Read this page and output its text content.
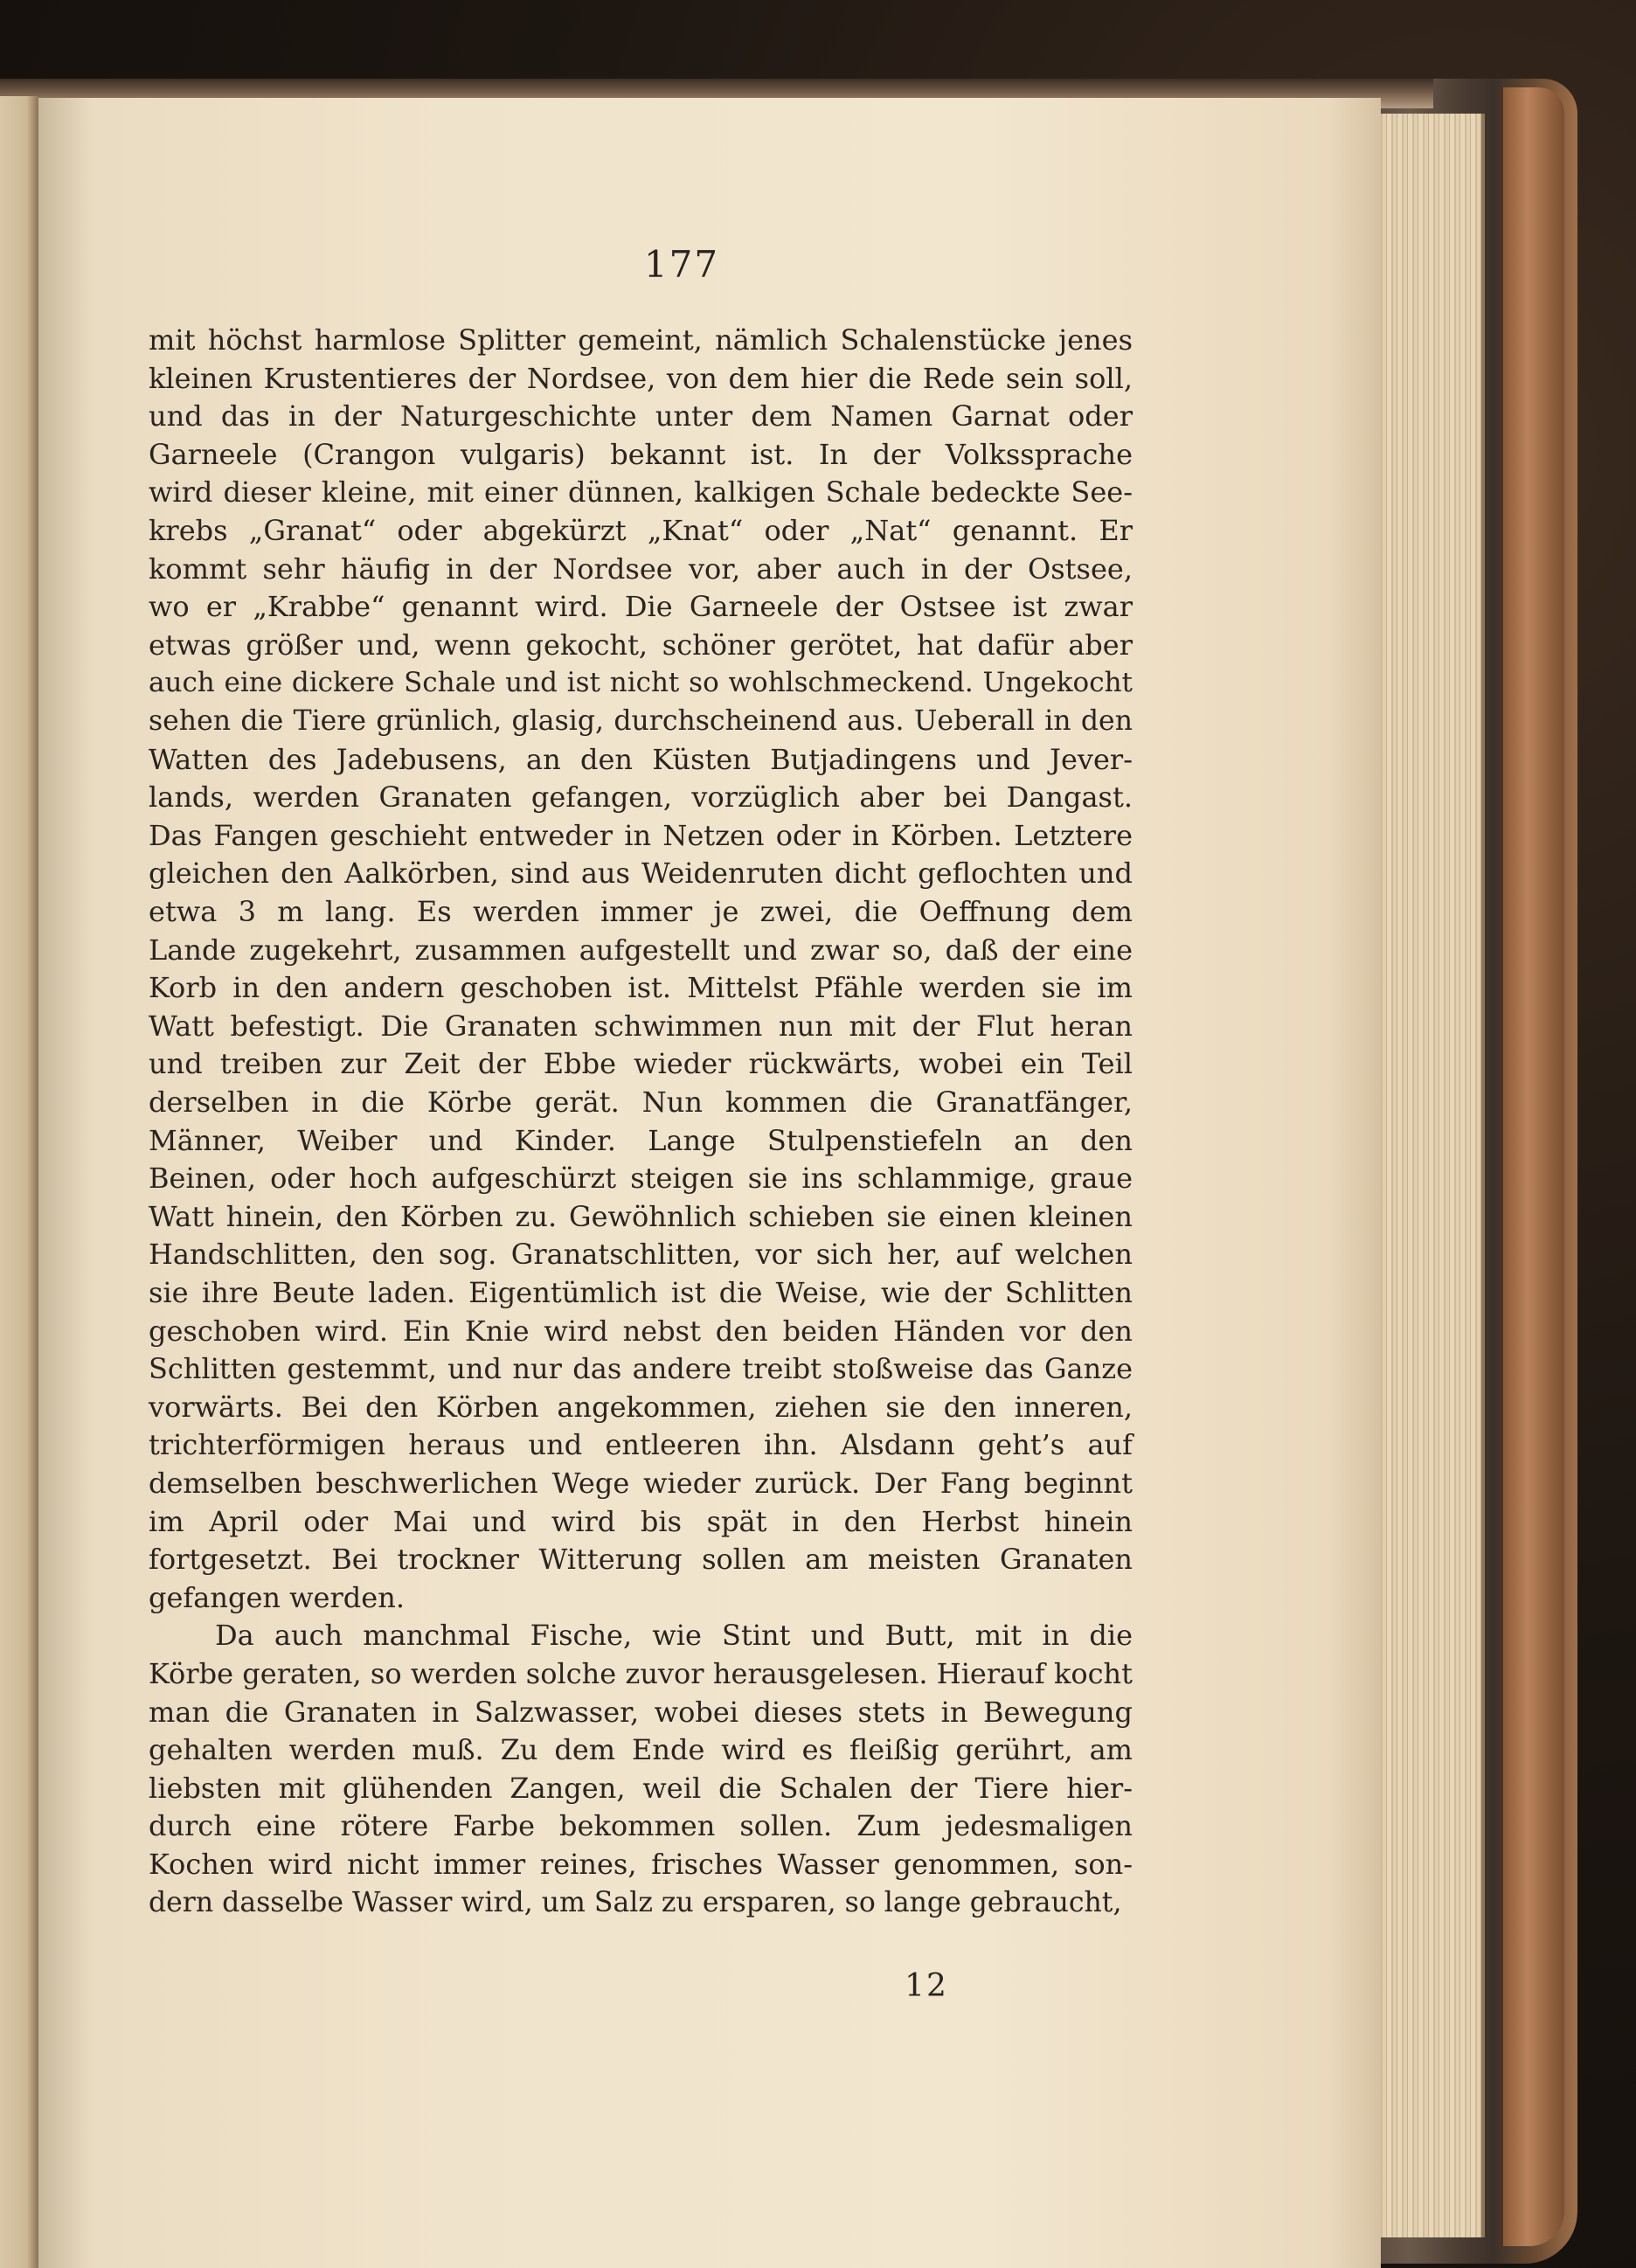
177
mit höchst harmlose Splitter gemeint, nämlich Schalenstücke jenes
kleinen Krustentieres der Nordsee, von dem hier die Rede sein soll,
und das in der Naturgeschichte unter dem Namen Garnat oder
Garneele (Crangon vulgaris) bekannt ist. In der Volkssprache
wird dieser kleine, mit einer dünnen, kalkigen Schale bedeckte See-
krebs „Granat“ oder abgekürzt „Knat“ oder „Nat“ genannt. Er
kommt sehr häufig in der Nordsee vor, aber auch in der Ostsee,
wo er „Krabbe“ genannt wird. Die Garneele der Ostsee ist zwar
etwas größer und, wenn gekocht, schöner gerötet, hat dafür aber
auch eine dickere Schale und ist nicht so wohlschmeckend. Ungekocht
sehen die Tiere grünlich, glasig, durchscheinend aus. Ueberall in den
Watten des Jadebusens, an den Küsten Butjadingens und Jever-
lands, werden Granaten gefangen, vorzüglich aber bei Dangast.
Das Fangen geschieht entweder in Netzen oder in Körben. Letztere
gleichen den Aalkörben, sind aus Weidenruten dicht geflochten und
etwa 3 m lang. Es werden immer je zwei, die Oeffnung dem
Lande zugekehrt, zusammen aufgestellt und zwar so, daß der eine
Korb in den andern geschoben ist. Mittelst Pfähle werden sie im
Watt befestigt. Die Granaten schwimmen nun mit der Flut heran
und treiben zur Zeit der Ebbe wieder rückwärts, wobei ein Teil
derselben in die Körbe gerät. Nun kommen die Granatfänger,
Männer, Weiber und Kinder. Lange Stulpenstiefeln an den
Beinen, oder hoch aufgeschürzt steigen sie ins schlammige, graue
Watt hinein, den Körben zu. Gewöhnlich schieben sie einen kleinen
Handschlitten, den sog. Granatschlitten, vor sich her, auf welchen
sie ihre Beute laden. Eigentümlich ist die Weise, wie der Schlitten
geschoben wird. Ein Knie wird nebst den beiden Händen vor den
Schlitten gestemmt, und nur das andere treibt stoßweise das Ganze
vorwärts. Bei den Körben angekommen, ziehen sie den inneren,
trichterförmigen heraus und entleeren ihn. Alsdann geht’s auf
demselben beschwerlichen Wege wieder zurück. Der Fang beginnt
im April oder Mai und wird bis spät in den Herbst hinein
fortgesetzt. Bei trockner Witterung sollen am meisten Granaten
gefangen werden.
Da auch manchmal Fische, wie Stint und Butt, mit in die
Körbe geraten, so werden solche zuvor herausgelesen. Hierauf kocht
man die Granaten in Salzwasser, wobei dieses stets in Bewegung
gehalten werden muß. Zu dem Ende wird es fleißig gerührt, am
liebsten mit glühenden Zangen, weil die Schalen der Tiere hier-
durch eine rötere Farbe bekommen sollen. Zum jedesmaligen
Kochen wird nicht immer reines, frisches Wasser genommen, son-
dern dasselbe Wasser wird, um Salz zu ersparen, so lange gebraucht,
12
